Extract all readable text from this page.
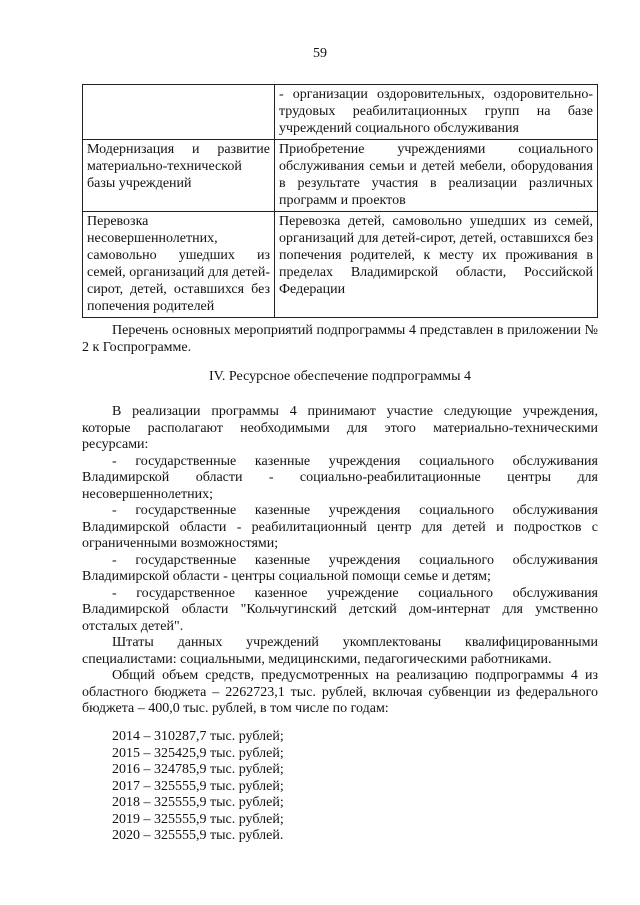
59
	- организации оздоровительных, оздоровительно-трудовых реабилитационных групп на базе учреждений социального обслуживания
Модернизация и развитие материально-технической базы учреждений	Приобретение учреждениями социального обслуживания семьи и детей мебели, оборудования в результате участия в реализации различных программ и проектов
Перевозка несовершеннолетних, самовольно ушедших из семей, организаций для детей-сирот, детей, оставшихся без попечения родителей	Перевозка детей, самовольно ушедших из семей, организаций для детей-сирот, детей, оставшихся без попечения родителей, к месту их проживания в пределах Владимирской области, Российской Федерации

Перечень основных мероприятий подпрограммы 4 представлен в приложении № 2 к Госпрограмме.

IV. Ресурсное обеспечение подпрограммы 4

В реализации программы 4 принимают участие следующие учреждения, которые располагают необходимыми для этого материально-техническими ресурсами:

- государственные казенные учреждения социального обслуживания Владимирской области - социально-реабилитационные центры для несовершеннолетних;

- государственные казенные учреждения социального обслуживания Владимирской области - реабилитационный центр для детей и подростков с ограниченными возможностями;

- государственные казенные учреждения социального обслуживания Владимирской области - центры социальной помощи семье и детям;

- государственное казенное учреждение социального обслуживания Владимирской области "Кольчугинский детский дом-интернат для умственно отсталых детей".

Штаты данных учреждений укомплектованы квалифицированными специалистами: социальными, медицинскими, педагогическими работниками.

Общий объем средств, предусмотренных на реализацию подпрограммы 4 из областного бюджета – 2262723,1 тыс. рублей, включая субвенции из федерального бюджета – 400,0 тыс. рублей, в том числе по годам:

2014 – 310287,7 тыс. рублей;
2015 – 325425,9 тыс. рублей;
2016 – 324785,9 тыс. рублей;
2017 – 325555,9 тыс. рублей;
2018 – 325555,9 тыс. рублей;
2019 – 325555,9 тыс. рублей;
2020 – 325555,9 тыс. рублей.
